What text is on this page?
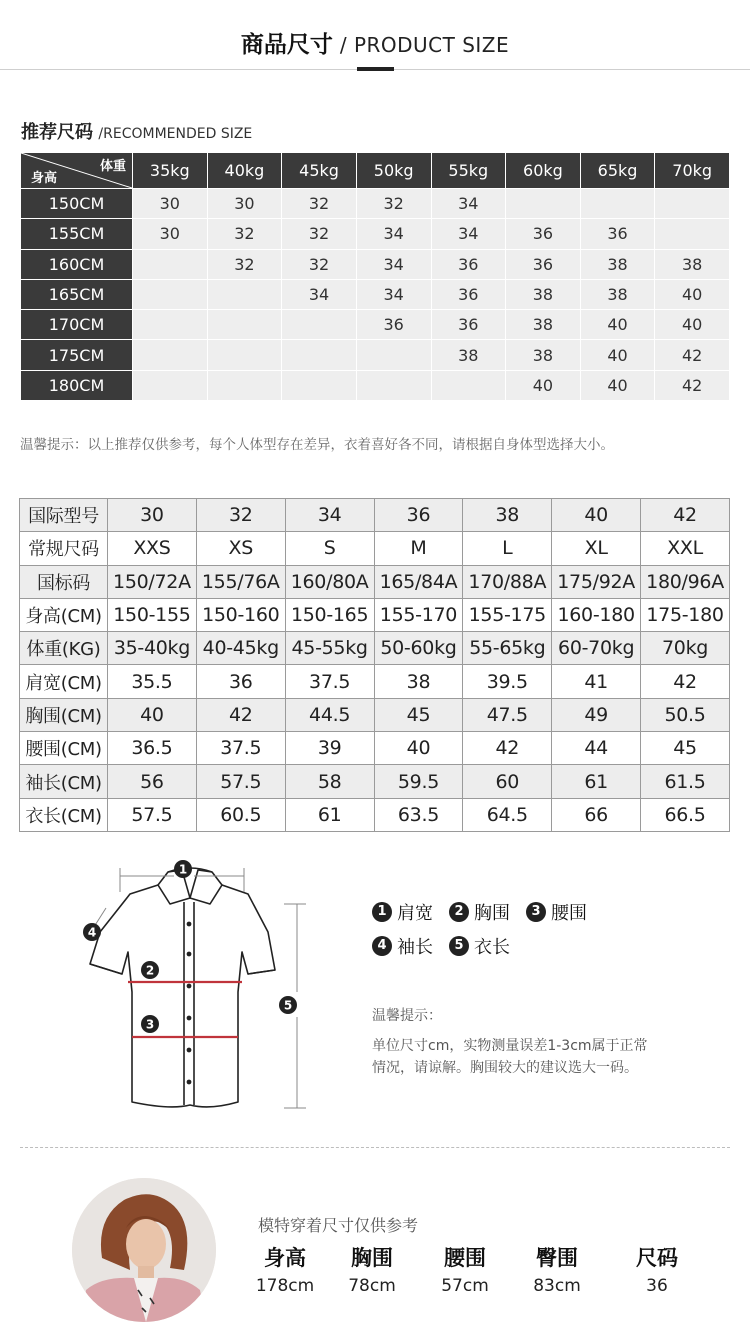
商品尺寸 / PRODUCT SIZE
推荐尺码 /RECOMMENDED SIZE
体重
身高	35kg	40kg	45kg	50kg	55kg	60kg	65kg	70kg
150CM	30	30	32	32	34			
155CM	30	32	32	34	34	36	36	
160CM		32	32	34	36	36	38	38
165CM			34	34	36	38	38	40
170CM				36	36	38	40	40
175CM					38	38	40	42
180CM						40	40	42
温馨提示：以上推荐仅供参考，每个人体型存在差异，衣着喜好各不同，请根据自身体型选择大小。
国际型号	30	32	34	36	38	40	42
常规尺码	XXS	XS	S	M	L	XL	XXL
国标码	150/72A	155/76A	160/80A	165/84A	170/88A	175/92A	180/96A
身高(CM)	150-155	150-160	150-165	155-170	155-175	160-180	175-180
体重(KG)	35-40kg	40-45kg	45-55kg	50-60kg	55-65kg	60-70kg	70kg
肩宽(CM)	35.5	36	37.5	38	39.5	41	42
胸围(CM)	40	42	44.5	45	47.5	49	50.5
腰围(CM)	36.5	37.5	39	40	42	44	45
袖长(CM)	56	57.5	58	59.5	60	61	61.5
衣长(CM)	57.5	60.5	61	63.5	64.5	66	66.5
1
2
3
4
5
1 肩宽	2 胸围	3 腰围
4 袖长	5 衣长
温馨提示：
单位尺寸cm，实物测量误差1-3cm属于正常
情况，请谅解。胸围较大的建议选大一码。
模特穿着尺寸仅供参考
身高
178cm
胸围
78cm
腰围
57cm
臀围
83cm
尺码
36
